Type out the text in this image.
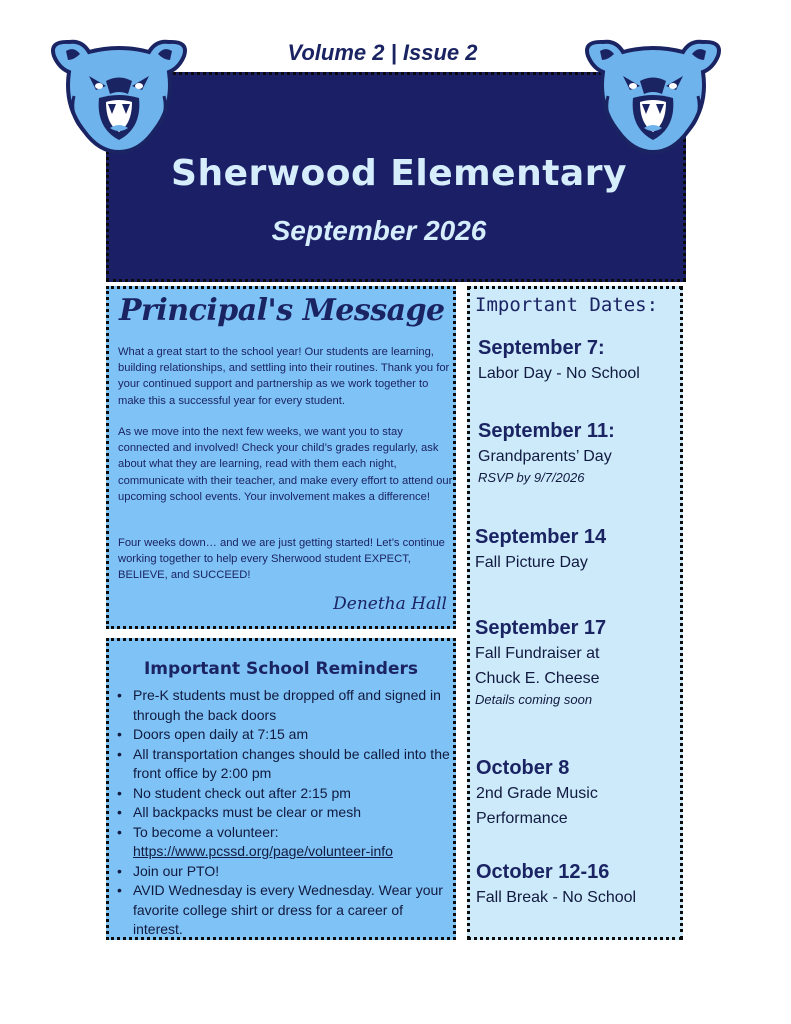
Volume 2 | Issue 2
Sherwood Elementary
September 2026
Principal's Message

What a great start to the school year! Our students are learning, building relationships, and settling into their routines. Thank you for your continued support and partnership as we work together to make this a successful year for every student.

As we move into the next few weeks, we want you to stay connected and involved! Check your child’s grades regularly, ask about what they are learning, read with them each night, communicate with their teacher, and make every effort to attend our upcoming school events. Your involvement makes a difference!

Four weeks down… and we are just getting started! Let’s continue working together to help every Sherwood student EXPECT, BELIEVE, and SUCCEED!

Denetha Hall
Important School Reminders
• Pre-K students must be dropped off and signed in through the back doors
• Doors open daily at 7:15 am
• All transportation changes should be called into the front office by 2:00 pm
• No student check out after 2:15 pm
• All backpacks must be clear or mesh
• To become a volunteer:
https://www.pcssd.org/page/volunteer-info
• Join our PTO!
• AVID Wednesday is every Wednesday. Wear your favorite college shirt or dress for a career of interest.
Important Dates:
September 7:
Labor Day - No School
September 11:
Grandparents’ Day
RSVP by 9/7/2026
September 14
Fall Picture Day
September 17
Fall Fundraiser at Chuck E. Cheese
Details coming soon
October 8
2nd Grade Music Performance
October 12-16
Fall Break - No School
